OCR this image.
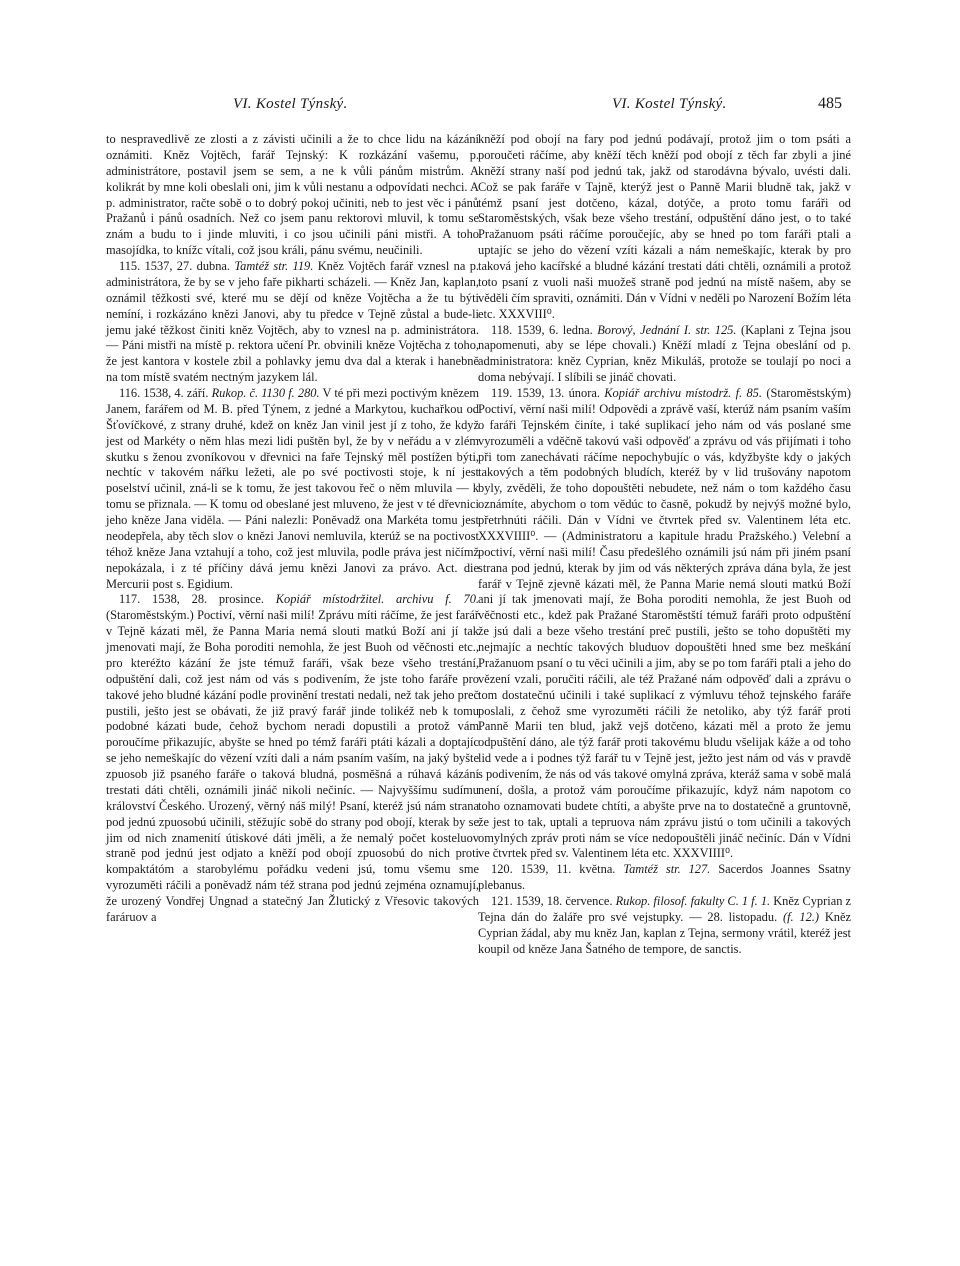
VI. Kostel Týnský.	VI. Kostel Týnský.	485

to nespravedlivě ze zlosti a z závisti učinili a že to chce lidu na kázání oznámiti. Kněz Vojtěch, farář Tejnský: K rozkázání vašemu, p. administrátore, postavil jsem se sem, a ne k vůli pánům mistrům. A kolikrát by mne koli obeslali oni, jim k vůli nestanu a odpovídati nechci. A p. administrator, račte sobě o to dobrý pokoj učiniti, neb to jest věc i pánů Pražanů i pánů osadních. Než co jsem panu rektorovi mluvil, k tomu se znám a budu to i jinde mluviti, i co jsou učinili páni mistři. A toho masojídka, to knížc vítali, což jsou králi, pánu svému, neučinili.

115. 1537, 27. dubna. Tamtéž str. 119. Kněz Vojtěch farář vznesl na p. administrátora, že by se v jeho faře pikharti scházeli. — Kněz Jan, kaplan, oznámil těžkosti své, které mu se dějí od kněze Vojtěcha a že tu býti nemíní, i rozkázáno knězi Janovi, aby tu předce v Tejně zůstal a bude-li jemu jaké těžkost činiti kněz Vojtěch, aby to vznesl na p. administrátora. — Páni mistři na místě p. rektora učení Pr. obvinili kněze Vojtěcha z toho, že jest kantora v kostele zbil a pohlavky jemu dva dal a kterak i hanebně na tom místě svatém nectným jazykem lál.

116. 1538, 4. září. Rukop. č. 1130 f. 280. V té při mezi poctivým knězem Janem, farářem od M. B. před Týnem, z jedné a Markytou, kuchařkou od Šťovíčkové, z strany druhé, kdež on kněz Jan vinil jest jí z toho, že když jest od Markéty o něm hlas mezi lidi puštěn byl, že by v neřádu a v zlém skutku s ženou zvoníkovou v dřevnici na faře Tejnský měl postížen býti, nechtíc v takovém nářku ležeti, ale po své poctivosti stoje, k ní jest poselství učinil, zná-li se k tomu, že jest takovou řeč o něm mluvila — k tomu se přiznala. — K tomu od obeslané jest mluveno, že jest v té dřevnici jeho kněze Jana viděla. — Páni nalezli: Poněvadž ona Markéta tomu jest neodepřela, aby těch slov o knězi Janovi nemluvila, kterúž se na poctivost téhož kněze Jana vztahují a toho, což jest mluvila, podle práva jest ničímž nepokázala, i z té příčiny dává jemu knězi Janovi za právo. Act. die Mercurii post s. Egidium.

117. 1538, 28. prosince. Kopiář místodržitel. archivu f. 70. (Staroměstským.) Poctiví, věrní naši milí! Zprávu míti ráčíme, že jest farář v Tejně kázati měl, že Panna Maria nemá slouti matkú Boží ani jí tak jmenovati mají, že Boha poroditi nemohla, že jest Buoh od věčnosti etc., pro kteréžto kázání že jste témuž faráři, však beze všeho trestání, odpuštění dali, což jest nám od vás s podivením, že jste toho faráře pro takové jeho bludné kázání podle provinění trestati nedali, než tak jeho preč pustili, ješto jest se obávati, že již pravý farář jinde tolikéž neb k tomu podobné kázati bude, čehož bychom neradi dopustili a protož vám poroučíme přikazujíc, abyšte se hned po témž faráři ptáti kázali a doptajíc se jeho nemeškajíc do vězení vzíti dali a nám psaním vaším, na jaký byšte zpuosob již psaného faráře o taková bludná, posměšná a rúhavá kázání trestati dáti chtěli, oznámili jináč nikoli nečiníc. — Najvyššímu sudímu království Českého. Urozený, věrný náš milý! Psaní, kteréž jsú nám strana pod jednú zpuosobú učinili, stěžujíc sobě do strany pod obojí, kterak by se jim od nich znamenití útiskové dáti jměli, a že nemalý počet kosteluov straně pod jednú jest odjato a kněží pod obojí zpuosobú do nich proti kompaktátóm a starobylému pořádku vedeni jsú, tomu všemu sme vyrozuměti ráčili a poněvadž nám též strana pod jednú zejména oznamují, že urozený Vondřej Ungnad a statečný Jan Žlutický z Vřesovic takových faráruov a

kněží pod obojí na fary pod jednú podávají, protož jim o tom psáti a poroučeti ráčíme, aby kněží těch kněží pod obojí z těch far zbyli a jiné kněží strany naší pod jednú tak, jakž od starodávna bývalo, uvésti dali. Což se pak faráře v Tajně, kterýž jest o Panně Marii bludně tak, jakž v témž psaní jest dotčeno, kázal, dotýče, a proto tomu faráři od Staroměstských, však beze všeho trestání, odpuštění dáno jest, o to také Pražanuom psáti ráčíme poroučejíc, aby se hned po tom faráři ptali a uptajíc se jeho do vězení vzíti kázali a nám nemeškajíc, kterak by pro taková jeho kacířské a bludné kázání trestati dáti chtěli, oznámili a protož toto psaní z vuoli naši muožeš straně pod jednú na místě našem, aby se věděli čím spraviti, oznámiti. Dán v Vídni v neděli po Narození Božím léta etc. XXXVIII⁰.

118. 1539, 6. ledna. Borový, Jednání I. str. 125. (Kaplani z Tejna jsou napomenuti, aby se lépe chovali.) Kněží mladí z Tejna obeslání od p. administratora: kněz Cyprian, kněz Mikuláš, protože se toulají po noci a doma nebývají. I slíbili se jináč chovati.

119. 1539, 13. února. Kopiář archivu místodrž. f. 85. (Staroměstským) Poctiví, věrní naši milí! Odpovědi a zprávě vaší, kterúž nám psaním vaším o faráři Tejnském činíte, i také suplikací jeho nám od vás poslané sme vyrozuměli a vděčně takovú vaši odpověď a zprávu od vás přijímati i toho při tom zanechávati ráčíme nepochybujíc o vás, kdyžbyšte kdy o jakých takových a těm podobných bludích, kteréž by v lid trušovány napotom byly, zvěděli, že toho dopouštěti nebudete, než nám o tom každého času oznámíte, abychom o tom vědúc to časně, pokudž by nejvýš možné bylo, přetrhnúti ráčili. Dán v Vídni ve čtvrtek před sv. Valentinem léta etc. XXXVIIII⁰. — (Administratoru a kapitule hradu Pražského.) Velební a poctiví, věrní naši milí! Času předešlého oznámili jsú nám při jiném psaní strana pod jednú, kterak by jim od vás některých zpráva dána byla, že jest farář v Tejně zjevně kázati měl, že Panna Marie nemá slouti matkú Boží ani jí tak jmenovati mají, že Boha poroditi nemohla, že jest Buoh od věčnosti etc., kdež pak Pražané Staroměstští témuž faráři proto odpuštění že jsú dali a beze všeho trestání preč pustili, ješto se toho dopuštěti my nejmajíc a nechtíc takových bluduov dopouštěti hned sme bez meškání Pražanuom psaní o tu věci učinili a jim, aby se po tom faráři ptali a jeho do vězení vzali, poručiti ráčili, ale též Pražané nám odpověď dali a zprávu o tom dostatečnú učinili i také suplikací z výmluvu téhož tejnského faráře poslali, z čehož sme vyrozuměti ráčili že netoliko, aby týž farář proti Panně Marii ten blud, jakž vejš dotčeno, kázati měl a proto že jemu odpuštění dáno, ale týž farář proti takovému bludu všelijak káže a od toho lid vede a i podnes týž farář tu v Tejně jest, ježto jest nám od vás v pravdě s podivením, že nás od vás takové omylná zpráva, kteráž sama v sobě malá není, došla, a protož vám poroučíme přikazujíc, když nám napotom co toho oznamovati budete chtíti, a abyšte prve na to dostatečně a gruntovně, že jest to tak, uptali a tepruova nám zprávu jistú o tom učinili a takových omylných zpráv proti nám se více nedopouštěli jináč nečiníc. Dán v Vídni ve čtvrtek před sv. Valentinem léta etc. XXXVIIII⁰.

120. 1539, 11. května. Tamtéž str. 127. Sacerdos Joannes Ssatny plebanus.

121. 1539, 18. července. Rukop. filosof. fakulty C. 1 f. 1. Kněz Cyprian z Tejna dán do žaláře pro své vejstupky. — 28. listopadu. (f. 12.) Kněz Cyprian žádal, aby mu kněz Jan, kaplan z Tejna, sermony vrátil, kteréž jest koupil od kněze Jana Šatného de tempore, de sanctis.
